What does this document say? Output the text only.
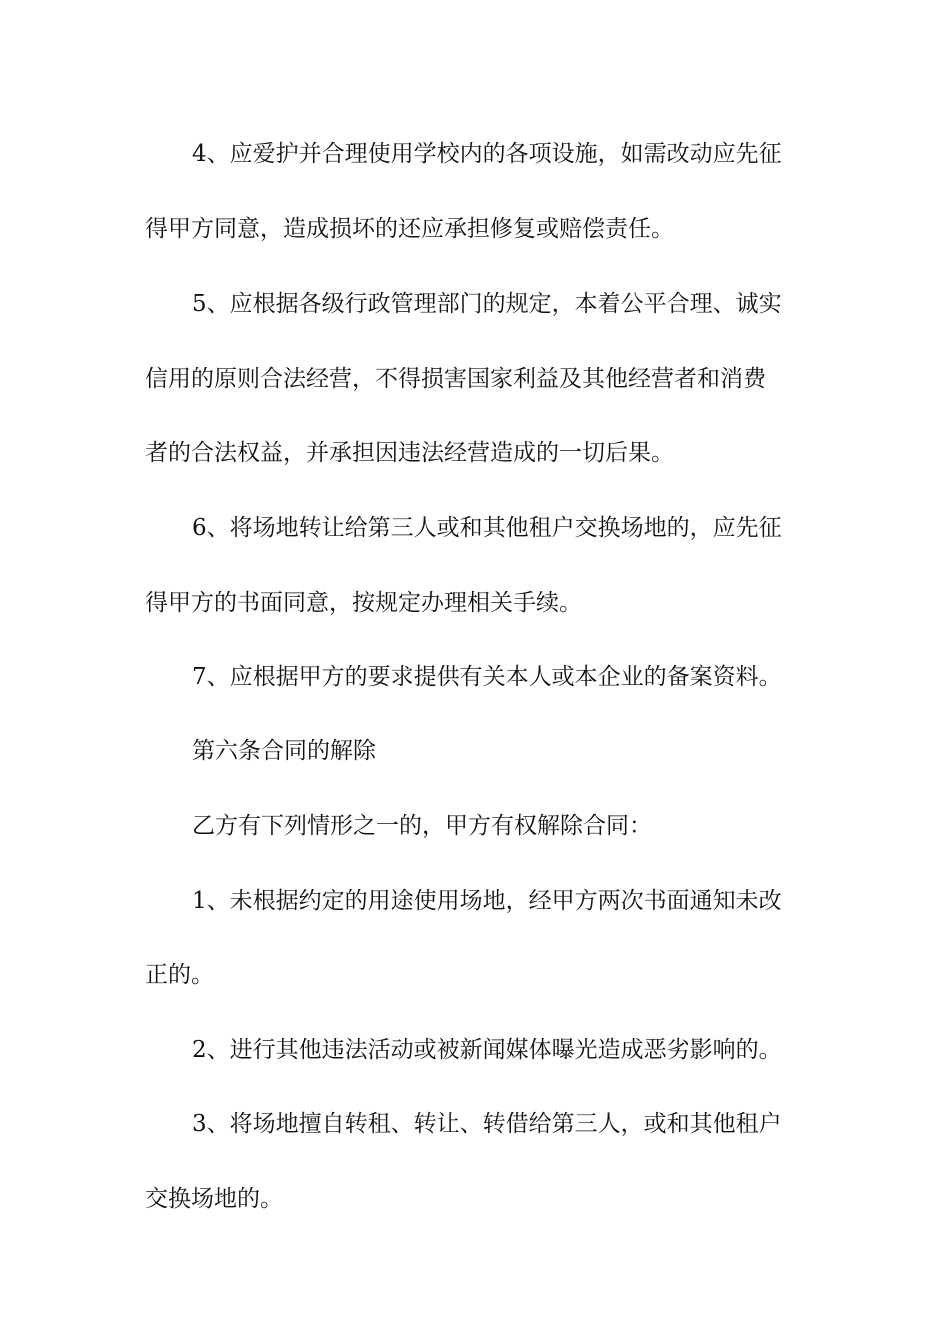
4、应爱护并合理使用学校内的各项设施，如需改动应先征
得甲方同意，造成损坏的还应承担修复或赔偿责任。
5、应根据各级行政管理部门的规定，本着公平合理、诚实
信用的原则合法经营，不得损害国家利益及其他经营者和消费
者的合法权益，并承担因违法经营造成的一切后果。
6、将场地转让给第三人或和其他租户交换场地的，应先征
得甲方的书面同意，按规定办理相关手续。
7、应根据甲方的要求提供有关本人或本企业的备案资料。
第六条合同的解除
乙方有下列情形之一的，甲方有权解除合同：
1、未根据约定的用途使用场地，经甲方两次书面通知未改
正的。
2、进行其他违法活动或被新闻媒体曝光造成恶劣影响的。
3、将场地擅自转租、转让、转借给第三人，或和其他租户
交换场地的。
